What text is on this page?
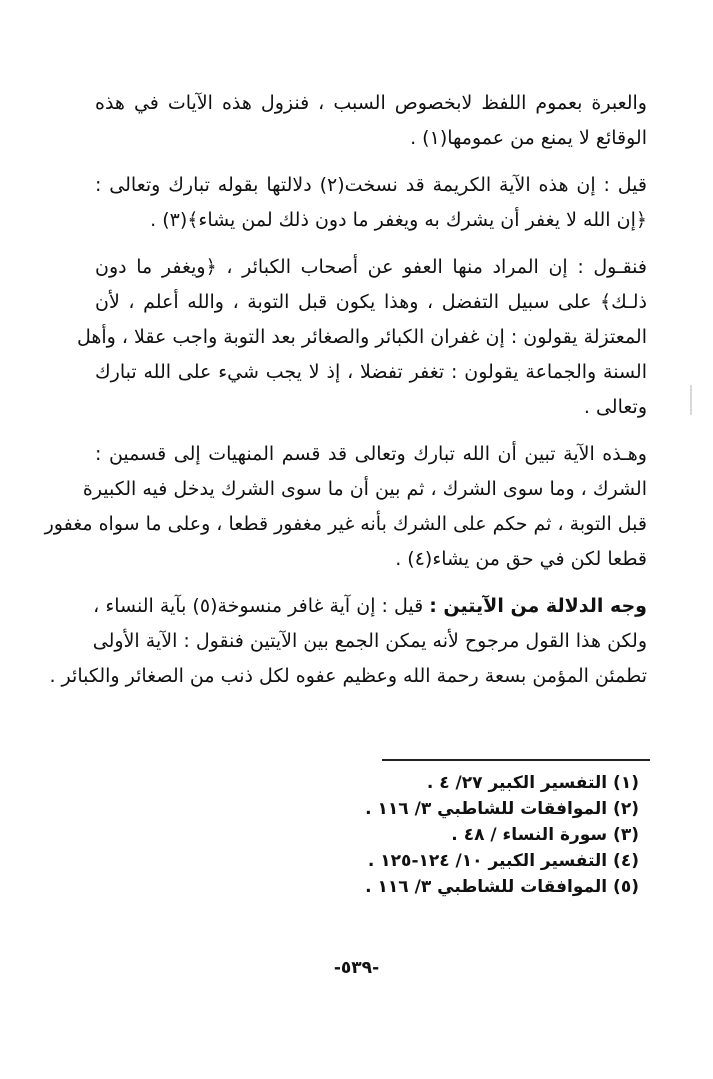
والعبرة بعموم اللفظ لابخصوص السبب ، فنزول هذه الآيات في هذه
الوقائع لا يمنع من عمومها(١) .

قيل : إن هذه الآية الكريمة قد نسخت(٢) دلالتها بقوله تبارك وتعالى :
﴿إن الله لا يغفر أن يشرك به ويغفر ما دون ذلك لمن يشاء﴾(٣) .

فنقـول : إن المراد منها العفو عن أصحاب الكبائر ، ﴿ويغفر ما دون
ذلـك﴾ على سبيل التفضل ، وهذا يكون قبل التوبة ، والله أعلم ، لأن
المعتزلة يقولون : إن غفران الكبائر والصغائر بعد التوبة واجب عقلا ، وأهل
السنة والجماعة يقولون : تغفر تفضلا ، إذ لا يجب شيء على الله تبارك
وتعالى .

وهـذه الآية تبين أن الله تبارك وتعالى قد قسم المنهيات إلى قسمين :
الشرك ، وما سوى الشرك ، ثم بين أن ما سوى الشرك يدخل فيه الكبيرة
قبل التوبة ، ثم حكم على الشرك بأنه غير مغفور قطعا ، وعلى ما سواه مغفور
قطعا لكن في حق من يشاء(٤) .

وجه الدلالة من الآيتين : قيل : إن آية غافر منسوخة(٥) بآية النساء ،
ولكن هذا القول مرجوح لأنه يمكن الجمع بين الآيتين فنقول : الآية الأولى
تطمئن المؤمن بسعة رحمة الله وعظيم عفوه لكل ذنب من الصغائر والكبائر .

(١) التفسير الكبير ٢٧/ ٤ .
(٢) الموافقات للشاطبي ٣/ ١١٦ .
(٣) سورة النساء / ٤٨ .
(٤) التفسير الكبير ١٠/ ١٢٤-١٢٥ .
(٥) الموافقات للشاطبي ٣/ ١١٦ .
-٥٣٩-
